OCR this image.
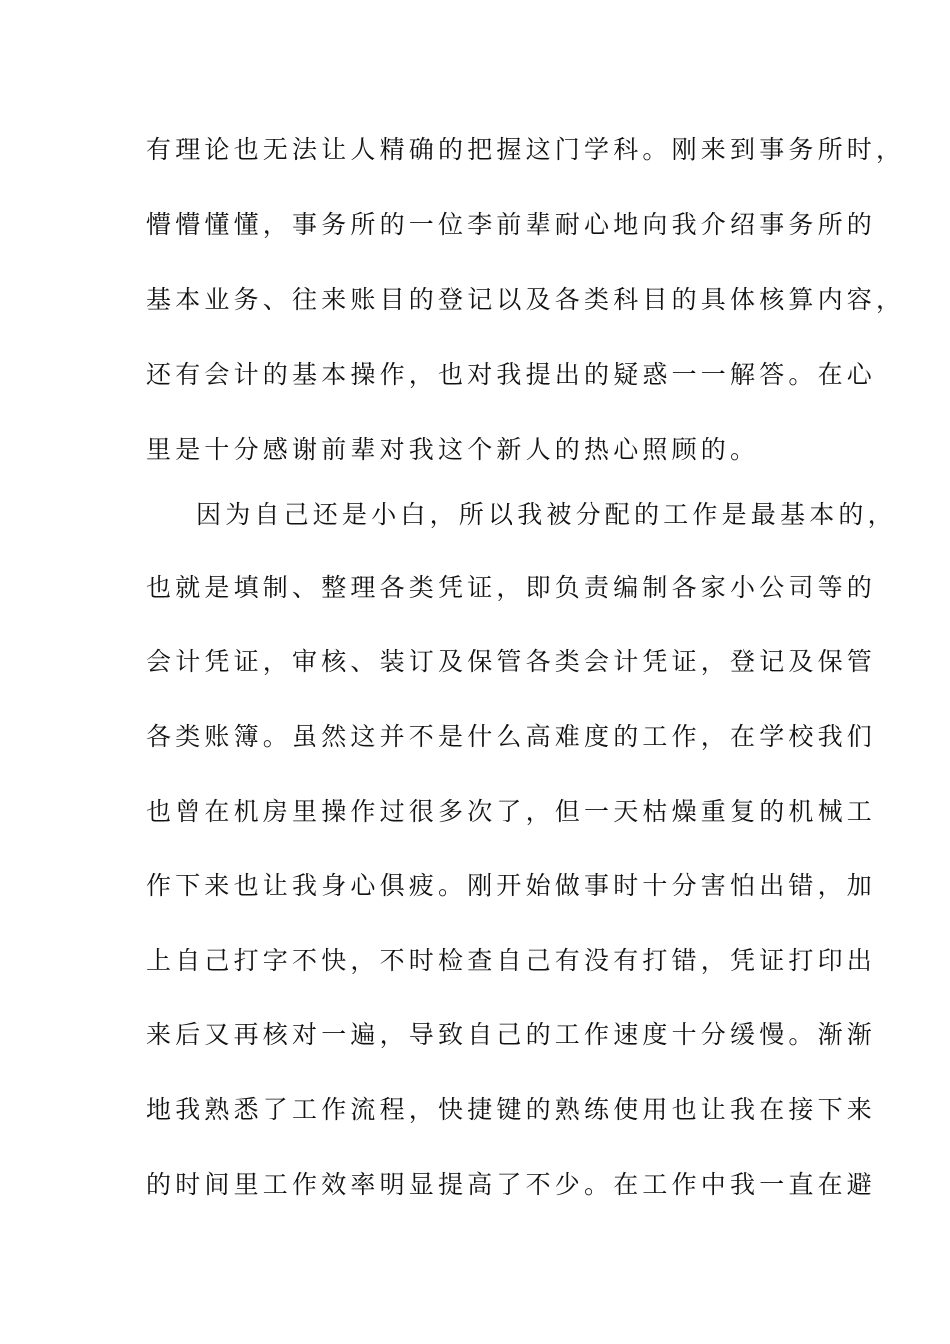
有理论也无法让人精确的把握这门学科。刚来到事务所时，
懵懵懂懂，事务所的一位李前辈耐心地向我介绍事务所的
基本业务、往来账目的登记以及各类科目的具体核算内容，
还有会计的基本操作，也对我提出的疑惑一一解答。在心
里是十分感谢前辈对我这个新人的热心照顾的。
因为自己还是小白，所以我被分配的工作是最基本的，
也就是填制、整理各类凭证，即负责编制各家小公司等的
会计凭证，审核、装订及保管各类会计凭证，登记及保管
各类账簿。虽然这并不是什么高难度的工作，在学校我们
也曾在机房里操作过很多次了，但一天枯燥重复的机械工
作下来也让我身心俱疲。刚开始做事时十分害怕出错，加
上自己打字不快，不时检查自己有没有打错，凭证打印出
来后又再核对一遍，导致自己的工作速度十分缓慢。渐渐
地我熟悉了工作流程，快捷键的熟练使用也让我在接下来
的时间里工作效率明显提高了不少。在工作中我一直在避
